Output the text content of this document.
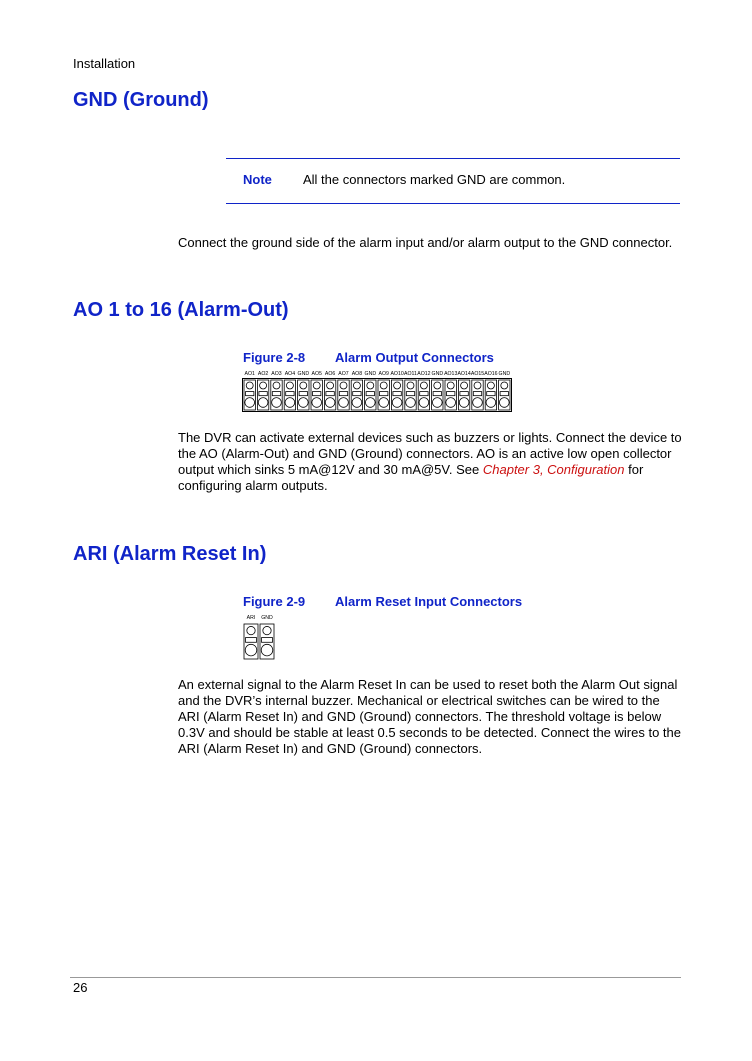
Installation
GND (Ground)
Note All the connectors marked GND are common.
Connect the ground side of the alarm input and/or alarm output to the GND connector.
AO 1 to 16 (Alarm-Out)
Figure 2-8 Alarm Output Connectors
AO1 AO2 AO3 AO4 GND AO5 AO6 AO7 AO8 GND AO9 AO10 AO11 AO12 GND AO13 AO14 AO15 AO16 GND
The DVR can activate external devices such as buzzers or lights. Connect the device to the AO (Alarm-Out) and GND (Ground) connectors. AO is an active low open collector output which sinks 5 mA@12V and 30 mA@5V. See Chapter 3, Configuration for configuring alarm outputs.
ARI (Alarm Reset In)
Figure 2-9 Alarm Reset Input Connectors
ARI GND
An external signal to the Alarm Reset In can be used to reset both the Alarm Out signal and the DVR’s internal buzzer. Mechanical or electrical switches can be wired to the ARI (Alarm Reset In) and GND (Ground) connectors. The threshold voltage is below 0.3V and should be stable at least 0.5 seconds to be detected. Connect the wires to the ARI (Alarm Reset In) and GND (Ground) connectors.
26
